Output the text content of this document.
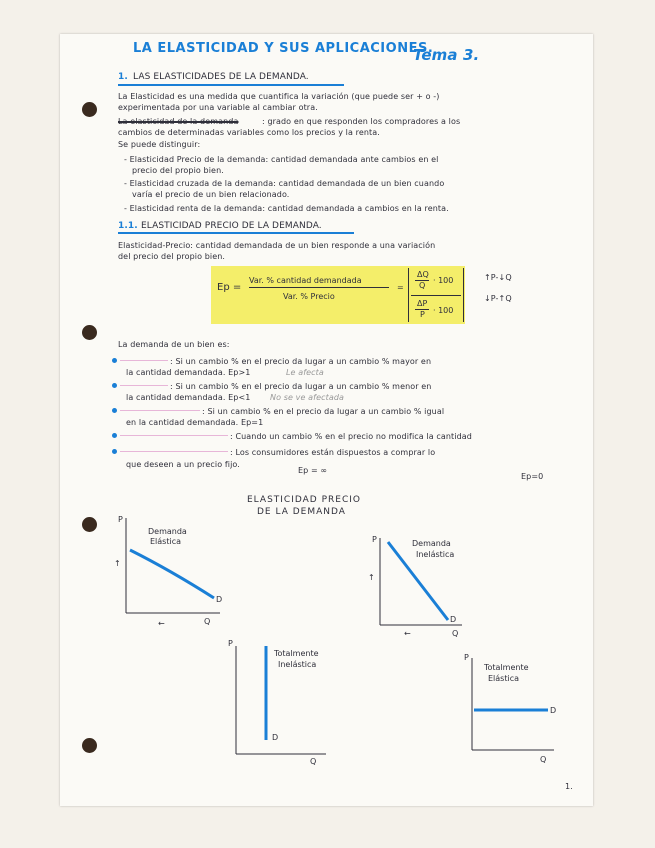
LA ELASTICIDAD Y SUS APLICACIONES.
Tema 3.
1. LAS ELASTICIDADES DE LA DEMANDA.
La Elasticidad es una medida que cuantifica la variación (que puede ser + o -)
experimentada por una variable al cambiar otra.
La elasticidad de la demanda	: grado en que responden los compradores a los
cambios de determinadas variables como los precios y la renta.
Se puede distinguir:
- Elasticidad Precio de la demanda: cantidad demandada ante cambios en el
precio del propio bien.
- Elasticidad cruzada de la demanda: cantidad demandada de un bien cuando
varía el precio de un bien relacionado.
- Elasticidad renta de la demanda: cantidad demandada a cambios en la renta.
1.1. ELASTICIDAD PRECIO DE LA DEMANDA.
Elasticidad-Precio: cantidad demandada de un bien responde a una variación
del precio del propio bien.
Ep =
Var. % cantidad demandada
Var. % Precio
=
ΔQ
Q
· 100
ΔP
P · 100
↑P-↓Q
↓P-↑Q
La demanda de un bien es:
: Si un cambio % en el precio da lugar a un cambio % mayor en
la cantidad demandada. Ep>1	Le afecta
: Si un cambio % en el precio da lugar a un cambio % menor en
la cantidad demandada. Ep<1 No se ve afectada
: Si un cambio % en el precio da lugar a un cambio % igual
en la cantidad demandada. Ep=1
: Cuando un cambio % en el precio no modifica la cantidad
: Los consumidores están dispuestos a comprar lo
que deseen a un precio fijo.
Ep = ∞
Ep=0
ELASTICIDAD PRECIO
DE LA DEMANDA
P
Q
D
Demanda
Elástica
↑
←
P
Q
D
Demanda
Inelástica
↑
←
P
Q
D
Totalmente
Inelástica
P
Q
D
Totalmente
Elástica
1.
